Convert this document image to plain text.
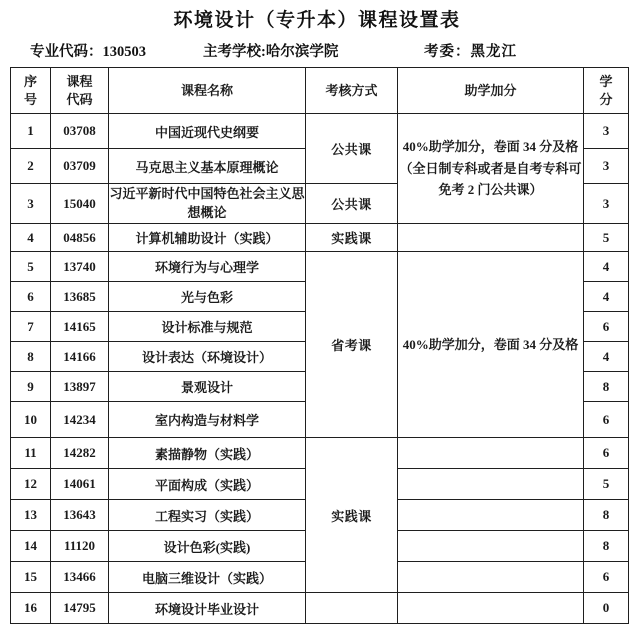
环境设计（专升本）课程设置表
专业代码：130503	主考学校:哈尔滨学院	考委：黑龙江
序号	课程代码	课程名称	考核方式	助学加分	学分
1	03708	中国近现代史纲要	公共课	40%助学加分，卷面 34 分及格（全日制专科或者是自考专科可免考 2 门公共课）	3
2	03709	马克思主义基本原理概论			3
3	15040	习近平新时代中国特色社会主义思想概论	公共课		3
4	04856	计算机辅助设计（实践）	实践课		5
5	13740	环境行为与心理学	省考课	40%助学加分，卷面 34 分及格	4
6	13685	光与色彩			4
7	14165	设计标准与规范			6
8	14166	设计表达（环境设计）			4
9	13897	景观设计			8
10	14234	室内构造与材料学			6
11	14282	素描静物（实践）	实践课		6
12	14061	平面构成（实践）			5
13	13643	工程实习（实践）			8
14	11120	设计色彩(实践)			8
15	13466	电脑三维设计（实践）			6
16	14795	环境设计毕业设计			0
